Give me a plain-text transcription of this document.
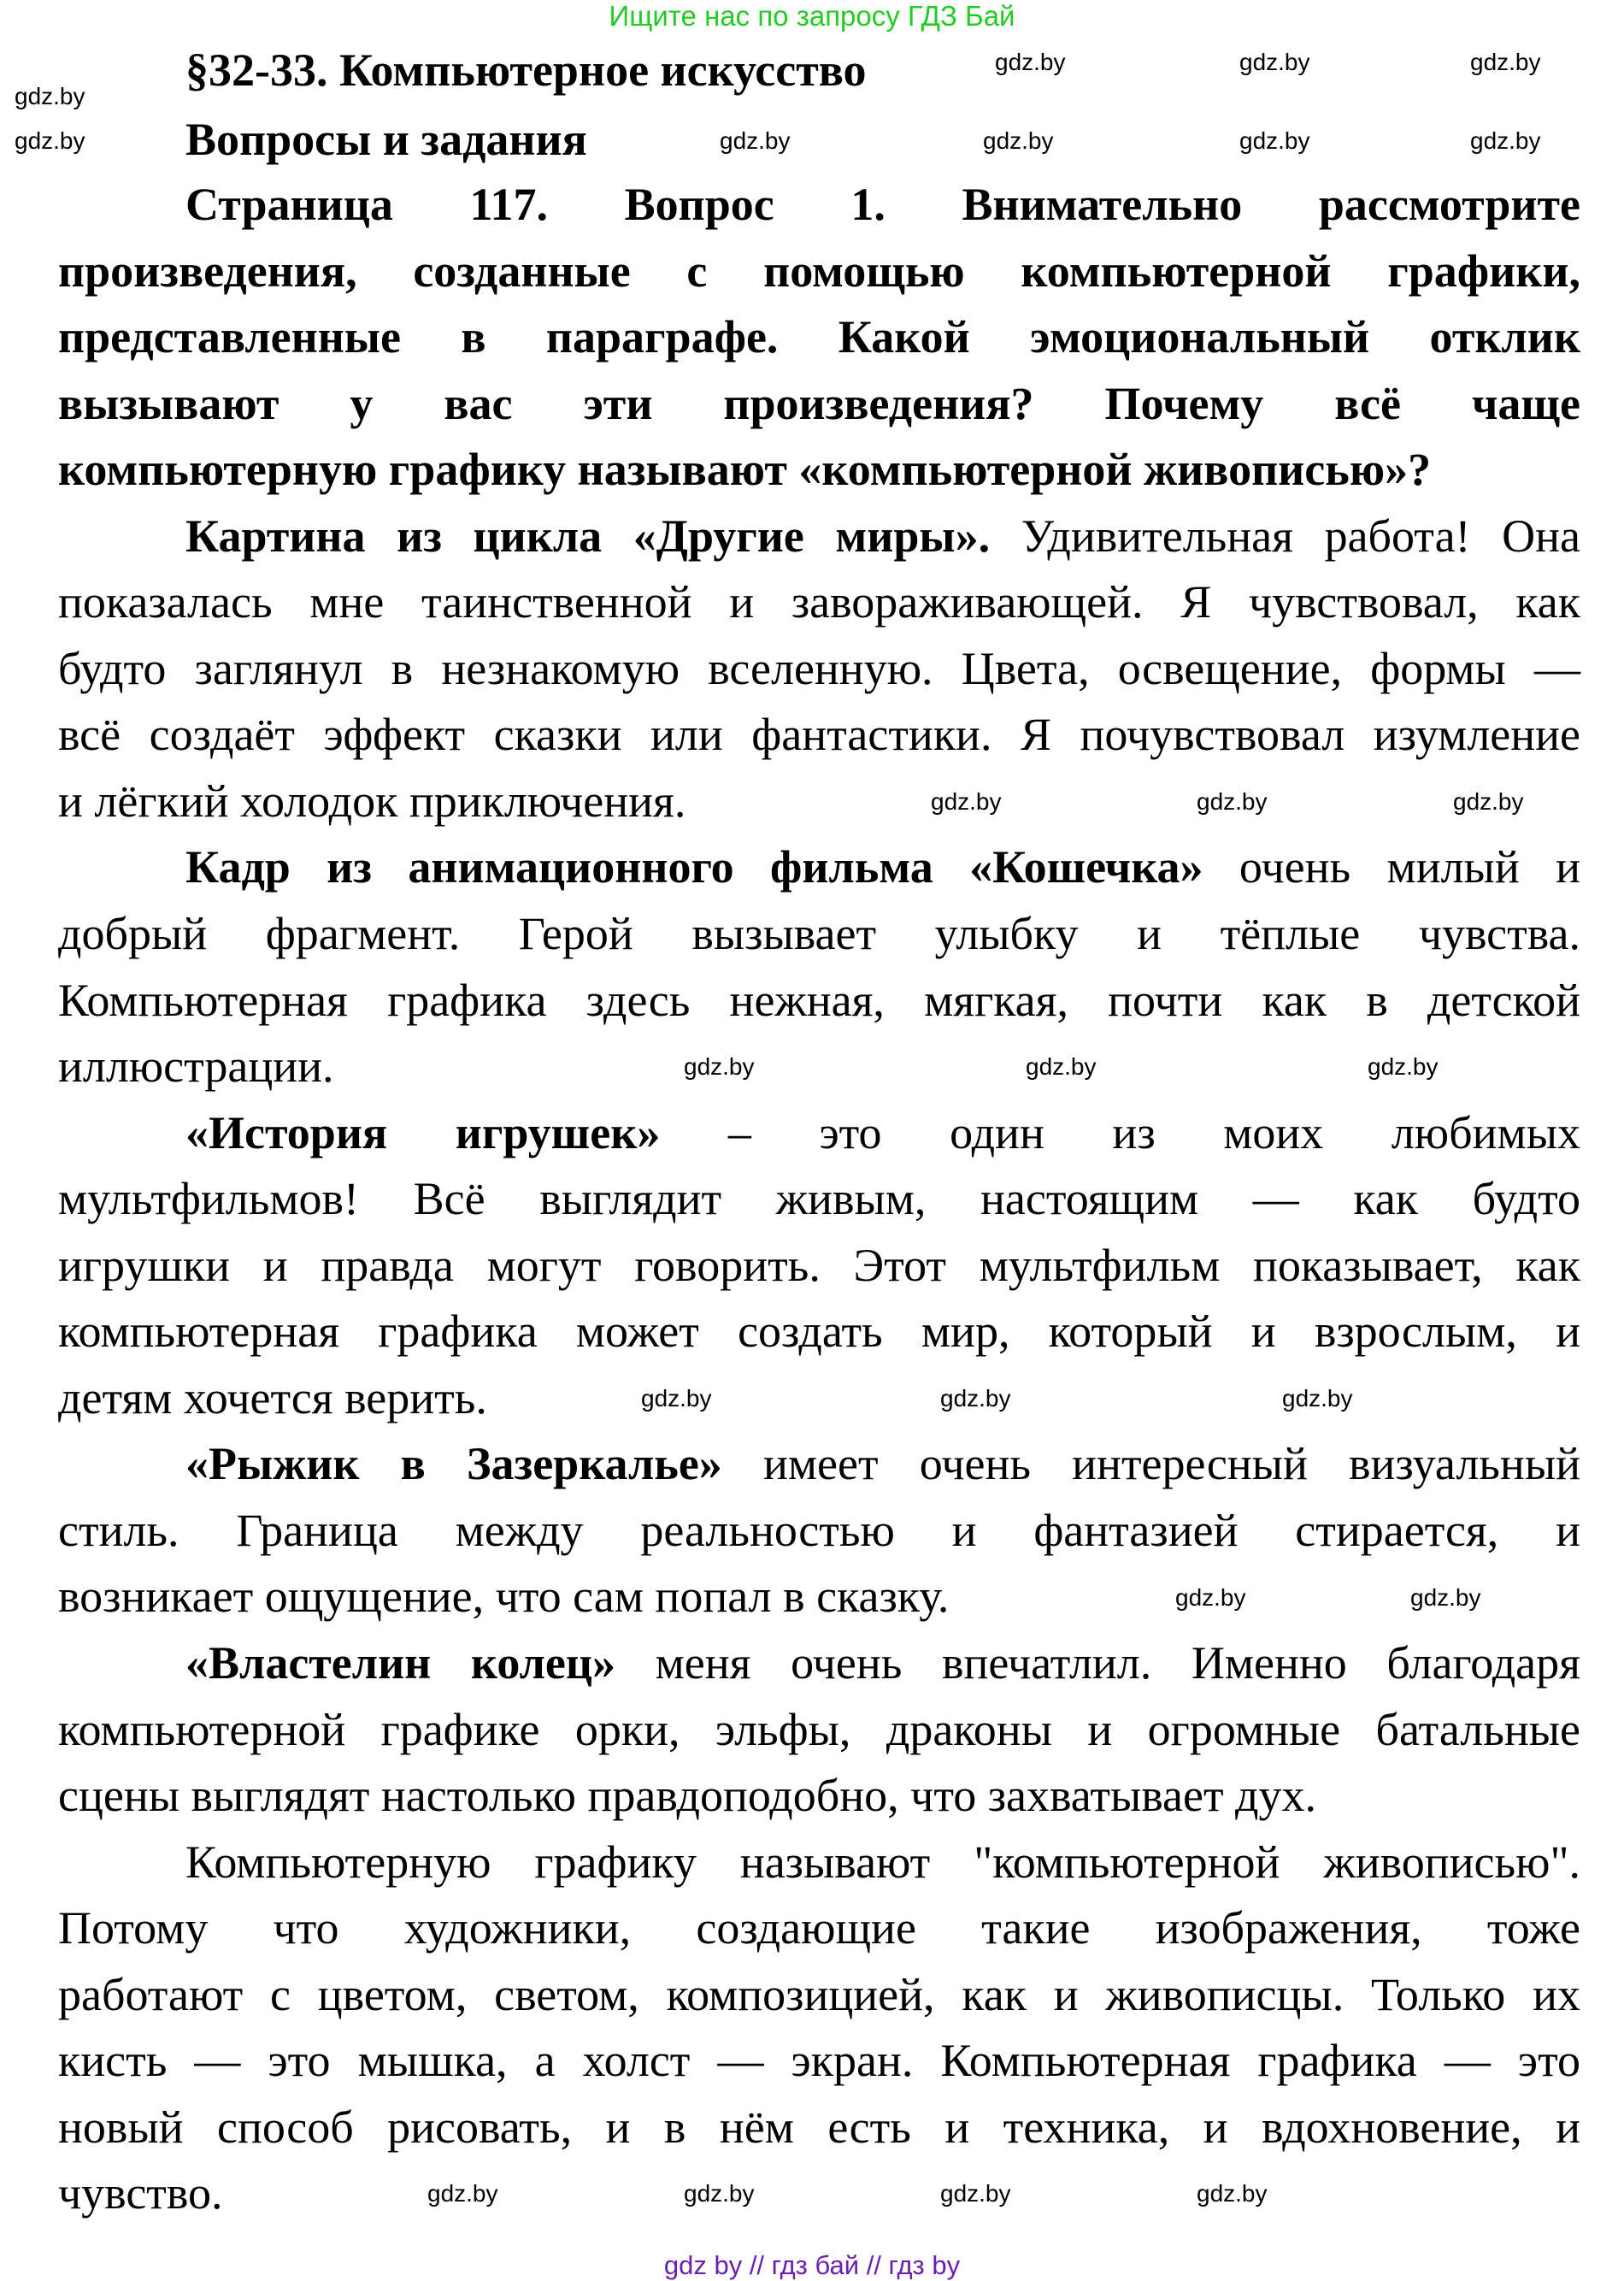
Ищите нас по запросу ГДЗ Бай
§32-33. Компьютерное искусство
Вопросы и задания
Страница 117. Вопрос 1. Внимательно рассмотрите
произведения, созданные с помощью компьютерной графики,
представленные в параграфе. Какой эмоциональный отклик
вызывают у вас эти произведения? Почему всё чаще
компьютерную графику называют «компьютерной живописью»?
Картина из цикла «Другие миры». Удивительная работа! Она
показалась мне таинственной и завораживающей. Я чувствовал, как
будто заглянул в незнакомую вселенную. Цвета, освещение, формы —
всё создаёт эффект сказки или фантастики. Я почувствовал изумление
и лёгкий холодок приключения.
Кадр из анимационного фильма «Кошечка» очень милый и
добрый фрагмент. Герой вызывает улыбку и тёплые чувства.
Компьютерная графика здесь нежная, мягкая, почти как в детской
иллюстрации.
«История игрушек» – это один из моих любимых
мультфильмов! Всё выглядит живым, настоящим — как будто
игрушки и правда могут говорить. Этот мультфильм показывает, как
компьютерная графика может создать мир, который и взрослым, и
детям хочется верить.
«Рыжик в Зазеркалье» имеет очень интересный визуальный
стиль. Граница между реальностью и фантазией стирается, и
возникает ощущение, что сам попал в сказку.
«Властелин колец» меня очень впечатлил. Именно благодаря
компьютерной графике орки, эльфы, драконы и огромные батальные
сцены выглядят настолько правдоподобно, что захватывает дух.
Компьютерную графику называют "компьютерной живописью".
Потому что художники, создающие такие изображения, тоже
работают с цветом, светом, композицией, как и живописцы. Только их
кисть — это мышка, а холст — экран. Компьютерная графика — это
новый способ рисовать, и в нём есть и техника, и вдохновение, и
чувство.
gdz.by
gdz.by	gdz.by	gdz.by
gdz.by	gdz.by	gdz.by	gdz.by	gdz.by
gdz.by	gdz.by	gdz.by
gdz.by	gdz.by	gdz.by
gdz.by	gdz.by	gdz.by
gdz.by	gdz.by
gdz.by	gdz.by	gdz.by	gdz.by
gdz by // гдз бай // гдз by
